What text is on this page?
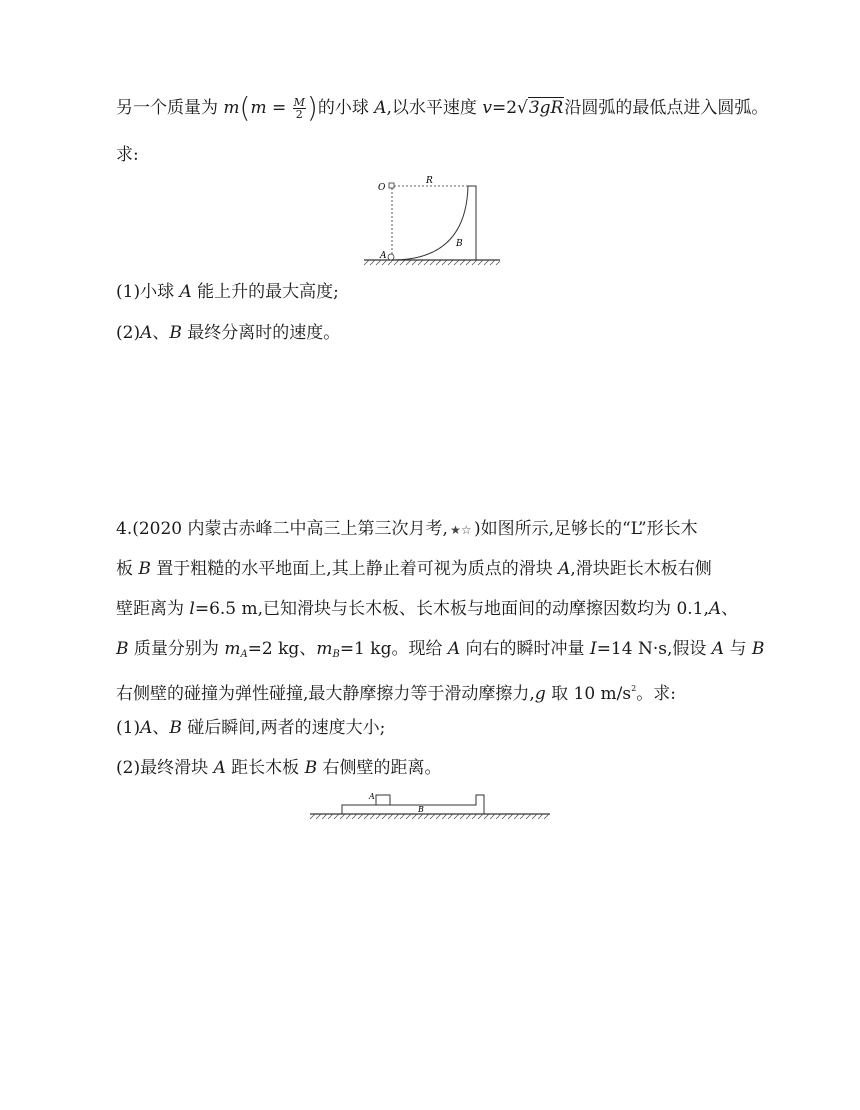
另一个质量为 $m(m = \frac{M}{2}$ )的小球 A,以水平速度 v=2√3gR沿圆弧的最低点进入圆弧。
求:
O
R
A
B
(1)小球 A 能上升的最大高度;
(2)A、B 最终分离时的速度。
4.(2020 内蒙古赤峰二中高三上第三次月考, ★☆ )如图所示,足够长的“L”形长木
板 B 置于粗糙的水平地面上,其上静止着可视为质点的滑块 A,滑块距长木板右侧
壁距离为 l=6.5 m,已知滑块与长木板、长木板与地面间的动摩擦因数均为 0.1,A、
B 质量分别为 $m_A=2$ kg、$m_B=1$ kg。现给 A 向右的瞬时冲量 I=14 N·s,假设 A 与 B
右侧壁的碰撞为弹性碰撞,最大静摩擦力等于滑动摩擦力,g 取 10 $m/s^2$。求:
(1)A、B 碰后瞬间,两者的速度大小;
(2)最终滑块 A 距长木板 B 右侧壁的距离。
A
B
